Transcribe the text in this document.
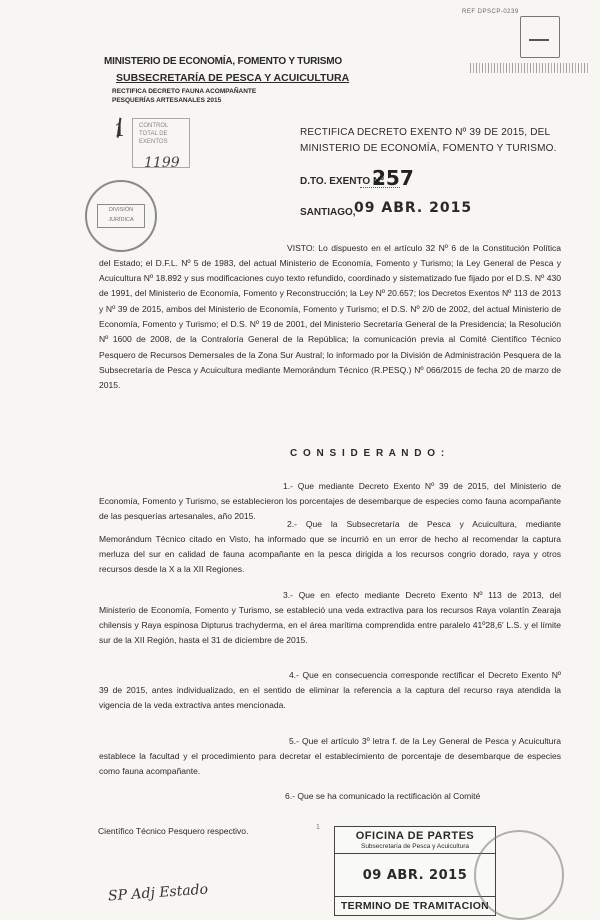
REF DPSCP-0239

MINISTERIO DE ECONOMÍA, FOMENTO Y TURISMO

SUBSECRETARÍA DE PESCA Y ACUICULTURA

RECTIFICA DECRETO FAUNA ACOMPAÑANTE

PESQUERÍAS ARTESANALES 2015

1 CONTROL
TOTAL DE
EXENTOS
1199
DIVISIÓN
JURÍDICA

RECTIFICA DECRETO EXENTO Nº 39 DE 2015, DEL

MINISTERIO DE ECONOMÍA, FOMENTO Y TURISMO.

D.TO. EXENTO Nº

257

SANTIAGO,

09 ABR. 2015

VISTO: Lo dispuesto en el artículo 32 Nº 6 de la Constitución Política del Estado; el D.F.L. Nº 5 de 1983, del actual Ministerio de Economía, Fomento y Turismo; la Ley General de Pesca y Acuicultura Nº 18.892 y sus modificaciones cuyo texto refundido, coordinado y sistematizado fue fijado por el D.S. Nº 430 de 1991, del Ministerio de Economía, Fomento y Reconstrucción; la Ley Nº 20.657; los Decretos Exentos Nº 113 de 2013 y Nº 39 de 2015, ambos del Ministerio de Economía, Fomento y Turismo; el D.S. Nº 2/0 de 2002, del actual Ministerio de Economía, Fomento y Turismo; el D.S. Nº 19 de 2001, del Ministerio Secretaría General de la Presidencia; la Resolución Nº 1600 de 2008, de la Contraloría General de la República; la comunicación previa al Comité Científico Técnico Pesquero de Recursos Demersales de la Zona Sur Austral; lo informado por la División de Administración Pesquera de la Subsecretaría de Pesca y Acuicultura mediante Memorándum Técnico (R.PESQ.) Nº 066/2015 de fecha 20 de marzo de 2015.

C O N S I D E R A N D O :

1.- Que mediante Decreto Exento Nº 39 de 2015, del Ministerio de Economía, Fomento y Turismo, se establecieron los porcentajes de desembarque de especies como fauna acompañante de las pesquerías artesanales, año 2015.

2.- Que la Subsecretaría de Pesca y Acuicultura, mediante Memorándum Técnico citado en Visto, ha informado que se incurrió en un error de hecho al recomendar la captura merluza del sur en calidad de fauna acompañante en la pesca dirigida a los recursos congrio dorado, raya y otros recursos desde la X a la XII Regiones.

3.- Que en efecto mediante Decreto Exento Nº 113 de 2013, del Ministerio de Economía, Fomento y Turismo, se estableció una veda extractiva para los recursos Raya volantín Zearaja chilensis y Raya espinosa Dipturus trachyderma, en el área marítima comprendida entre paralelo 41º28,6' L.S. y el límite sur de la XII Región, hasta el 31 de diciembre de 2015.

4.- Que en consecuencia corresponde rectificar el Decreto Exento Nº 39 de 2015, antes individualizado, en el sentido de eliminar la referencia a la captura del recurso raya atendida la vigencia de la veda extractiva antes mencionada.

5.- Que el artículo 3º letra f. de la Ley General de Pesca y Acuicultura establece la facultad y el procedimiento para decretar el establecimiento de porcentaje de desembarque de especies como fauna acompañante.

6.- Que se ha comunicado la rectificación al Comité

Científico Técnico Pesquero respectivo.	1

OFICINA DE PARTES
Subsecretaría de Pesca y Acuicultura
09 ABR. 2015
TERMINO DE TRAMITACION
SP Adj Estado
